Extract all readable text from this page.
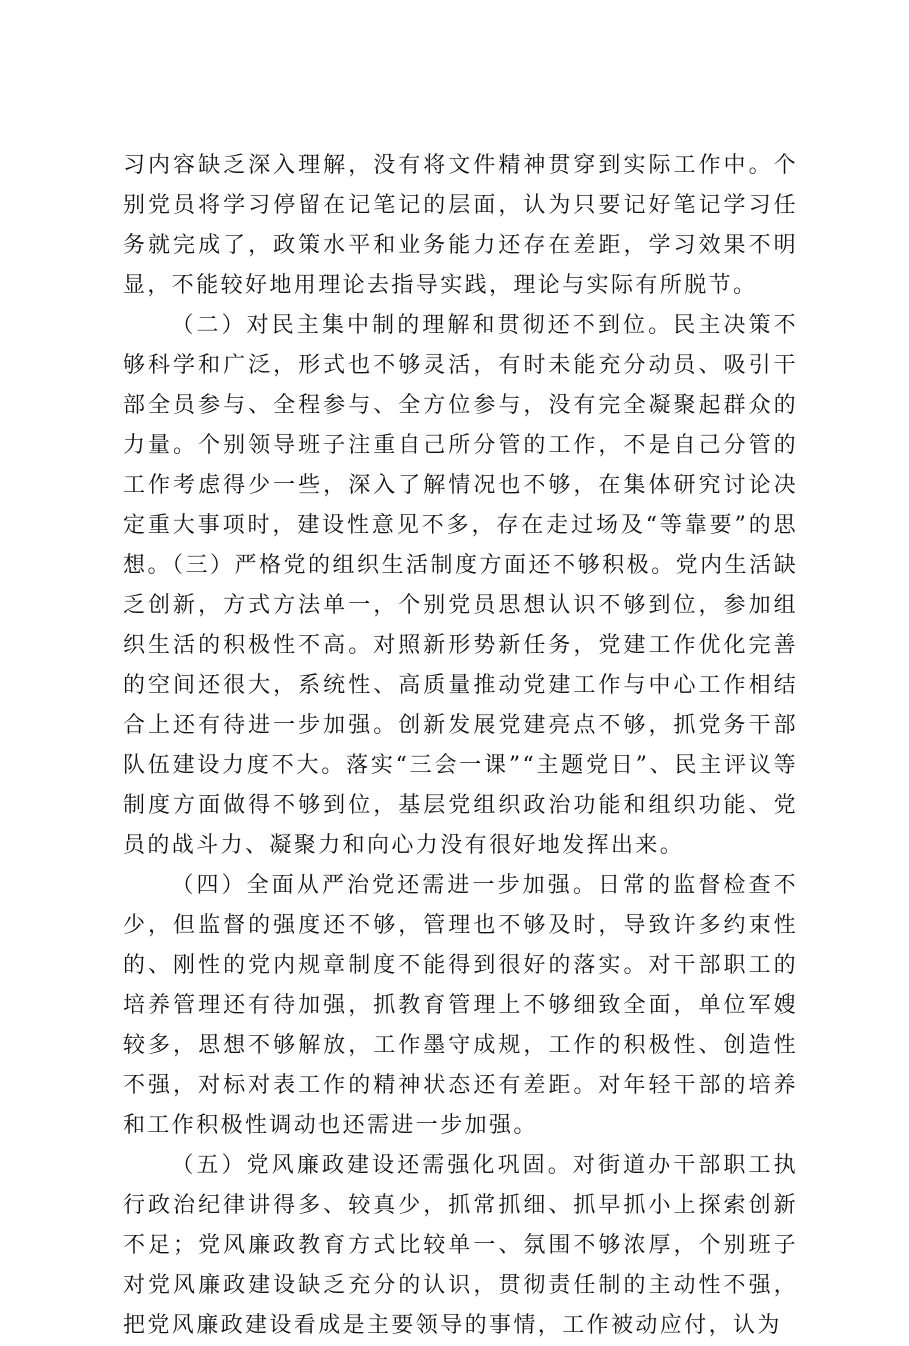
习内容缺乏深入理解，没有将文件精神贯穿到实际工作中。个别党员将学习停留在记笔记的层面，认为只要记好笔记学习任务就完成了，政策水平和业务能力还存在差距，学习效果不明显，不能较好地用理论去指导实践，理论与实际有所脱节。

（二）对民主集中制的理解和贯彻还不到位。民主决策不够科学和广泛，形式也不够灵活，有时未能充分动员、吸引干部全员参与、全程参与、全方位参与，没有完全凝聚起群众的力量。个别领导班子注重自己所分管的工作，不是自己分管的工作考虑得少一些，深入了解情况也不够，在集体研究讨论决定重大事项时，建设性意见不多，存在走过场及“等靠要”的思想。（三）严格党的组织生活制度方面还不够积极。党内生活缺乏创新，方式方法单一，个别党员思想认识不够到位，参加组织生活的积极性不高。对照新形势新任务，党建工作优化完善的空间还很大，系统性、高质量推动党建工作与中心工作相结合上还有待进一步加强。创新发展党建亮点不够，抓党务干部队伍建设力度不大。落实“三会一课”“主题党日”、民主评议等制度方面做得不够到位，基层党组织政治功能和组织功能、党员的战斗力、凝聚力和向心力没有很好地发挥出来。

（四）全面从严治党还需进一步加强。日常的监督检查不少，但监督的强度还不够，管理也不够及时，导致许多约束性的、刚性的党内规章制度不能得到很好的落实。对干部职工的培养管理还有待加强，抓教育管理上不够细致全面，单位军嫂较多，思想不够解放，工作墨守成规，工作的积极性、创造性不强，对标对表工作的精神状态还有差距。对年轻干部的培养和工作积极性调动也还需进一步加强。

（五）党风廉政建设还需强化巩固。对街道办干部职工执行政治纪律讲得多、较真少，抓常抓细、抓早抓小上探索创新不足；党风廉政教育方式比较单一、氛围不够浓厚，个别班子对党风廉政建设缺乏充分的认识，贯彻责任制的主动性不强，把党风廉政建设看成是主要领导的事情，工作被动应付，认为
